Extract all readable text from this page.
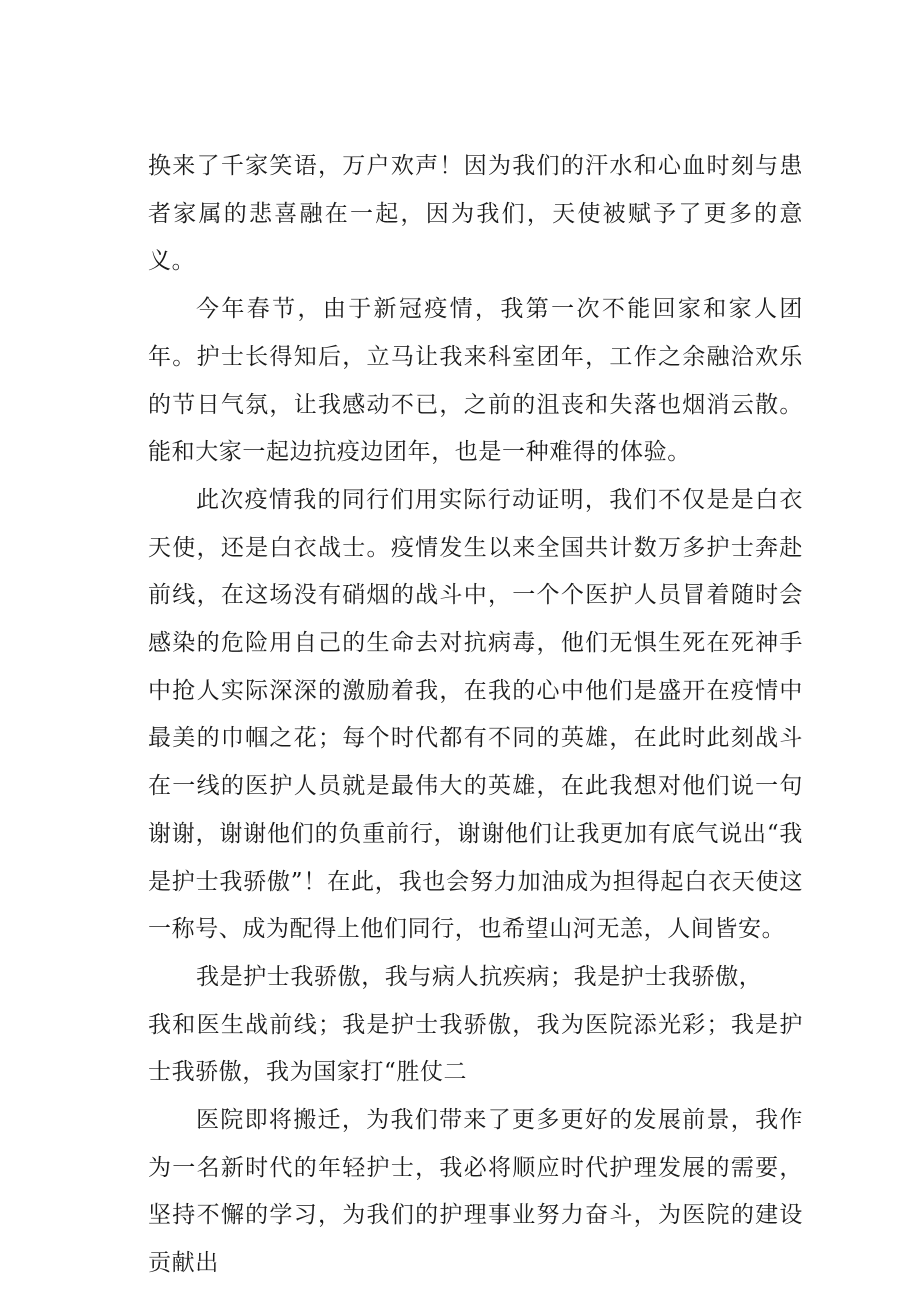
换来了千家笑语，万户欢声！因为我们的汗水和心血时刻与患者家属的悲喜融在一起，因为我们，天使被赋予了更多的意义。

今年春节，由于新冠疫情，我第一次不能回家和家人团年。护士长得知后，立马让我来科室团年，工作之余融洽欢乐的节日气氛，让我感动不已，之前的沮丧和失落也烟消云散。能和大家一起边抗疫边团年，也是一种难得的体验。

此次疫情我的同行们用实际行动证明，我们不仅是是白衣天使，还是白衣战士。疫情发生以来全国共计数万多护士奔赴前线，在这场没有硝烟的战斗中，一个个医护人员冒着随时会感染的危险用自己的生命去对抗病毒，他们无惧生死在死神手中抢人实际深深的激励着我，在我的心中他们是盛开在疫情中最美的巾帼之花；每个时代都有不同的英雄，在此时此刻战斗在一线的医护人员就是最伟大的英雄，在此我想对他们说一句谢谢，谢谢他们的负重前行，谢谢他们让我更加有底气说出“我是护士我骄傲”！在此，我也会努力加油成为担得起白衣天使这一称号、成为配得上他们同行，也希望山河无恙，人间皆安。

我是护士我骄傲，我与病人抗疾病；我是护士我骄傲，

我和医生战前线；我是护士我骄傲，我为医院添光彩；我是护士我骄傲，我为国家打“胜仗二

医院即将搬迁，为我们带来了更多更好的发展前景，我作为一名新时代的年轻护士，我必将顺应时代护理发展的需要，坚持不懈的学习，为我们的护理事业努力奋斗，为医院的建设贡献出
